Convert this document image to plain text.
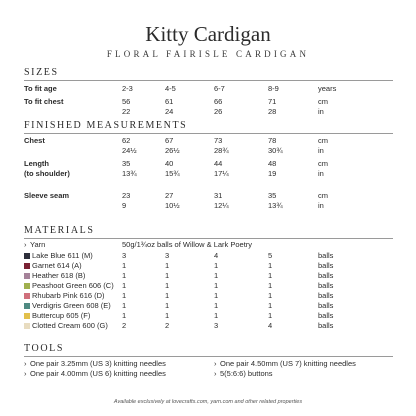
Kitty Cardigan
FLORAL FAIRISLE CARDIGAN
SIZES
FINISHED MEASUREMENTS
MATERIALS
› Yarn	50g/1¾oz balls of Willow & Lark Poetry
TOOLS
To fit age	2-3	4-5	6-7	8-9	years
To fit chest	56	61	66	71	cm
22	24	26	28	in
Chest	62	67	73	78	cm
24½	26½	28¾	30¾	in
Length
(to shoulder)
35	40	44	48	cm
13¾	15¾	17¼	19	in
Sleeve seam	23	27	31	35	cm
9	10½	12¼	13¾	in
Lake Blue 611 (M)	3	3	4	5	balls
Garnet 614 (A)	1	1	1	1	balls
Heather 618 (B)	1	1	1	1	balls
Peashoot Green 606 (C) 1	1	1	1	balls
Rhubarb Pink 616 (D) 1	1	1	1	balls
Verdigris Green 608 (E) 1	1	1	1	balls
Buttercup 605 (F)	1	1	1	1	balls
Clotted Cream 600 (G) 2	2	3	4	balls
› One pair 3.25mm (US 3) knitting needles
› One pair 4.00mm (US 6) knitting needles
› One pair 4.50mm (US 7) knitting needles
› 5(5:6:6) buttons
Available exclusively at lovecrafts.com, yarn.com and other related properties
